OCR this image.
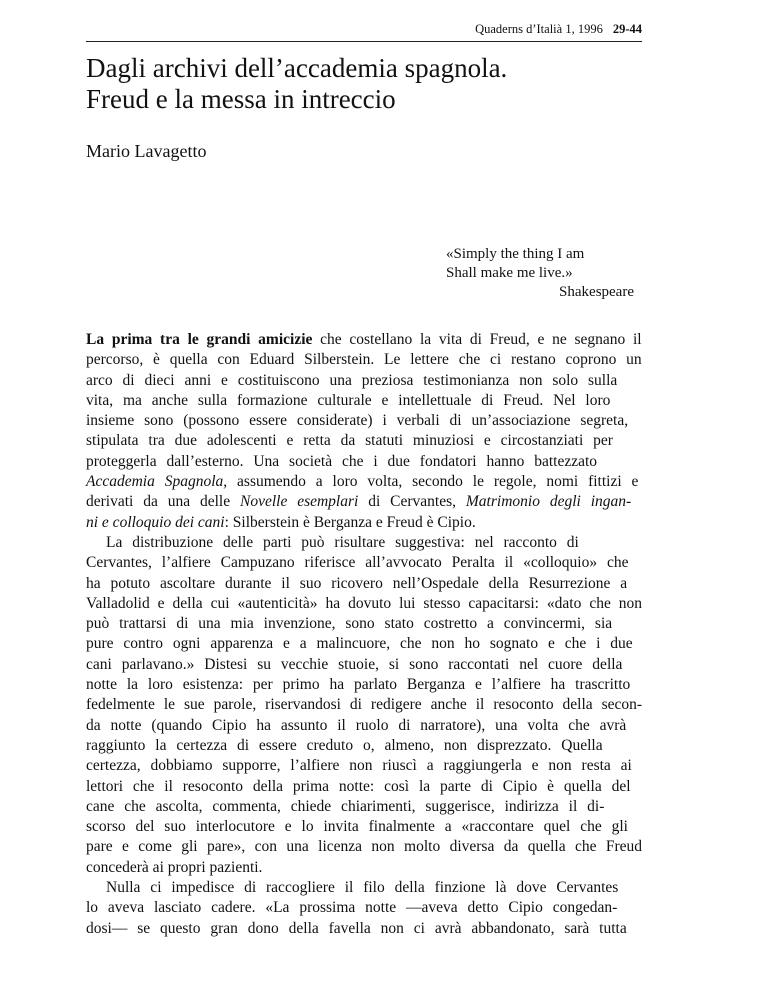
Quaderns d’Italià 1, 1996 29-44
Dagli archivi dell’accademia spagnola.
Freud e la messa in intreccio
Mario Lavagetto
«Simply the thing I am
Shall make me live.»
Shakespeare
La prima tra le grandi amicizie che costellano la vita di Freud, e ne segnano il
percorso, è quella con Eduard Silberstein. Le lettere che ci restano coprono un
arco di dieci anni e costituiscono una preziosa testimonianza non solo sulla
vita, ma anche sulla formazione culturale e intellettuale di Freud. Nel loro
insieme sono (possono essere considerate) i verbali di un’associazione segreta,
stipulata tra due adolescenti e retta da statuti minuziosi e circostanziati per
proteggerla dall’esterno. Una società che i due fondatori hanno battezzato
Accademia Spagnola, assumendo a loro volta, secondo le regole, nomi fittizi e
derivati da una delle Novelle esemplari di Cervantes, Matrimonio degli ingan-
ni e colloquio dei cani: Silberstein è Berganza e Freud è Cipio.
La distribuzione delle parti può risultare suggestiva: nel racconto di
Cervantes, l’alfiere Campuzano riferisce all’avvocato Peralta il «colloquio» che
ha potuto ascoltare durante il suo ricovero nell’Ospedale della Resurrezione a
Valladolid e della cui «autenticità» ha dovuto lui stesso capacitarsi: «dato che non
può trattarsi di una mia invenzione, sono stato costretto a convincermi, sia
pure contro ogni apparenza e a malincuore, che non ho sognato e che i due
cani parlavano.» Distesi su vecchie stuoie, si sono raccontati nel cuore della
notte la loro esistenza: per primo ha parlato Berganza e l’alfiere ha trascritto
fedelmente le sue parole, riservandosi di redigere anche il resoconto della secon-
da notte (quando Cipio ha assunto il ruolo di narratore), una volta che avrà
raggiunto la certezza di essere creduto o, almeno, non disprezzato. Quella
certezza, dobbiamo supporre, l’alfiere non riuscì a raggiungerla e non resta ai
lettori che il resoconto della prima notte: così la parte di Cipio è quella del
cane che ascolta, commenta, chiede chiarimenti, suggerisce, indirizza il di-
scorso del suo interlocutore e lo invita finalmente a «raccontare quel che gli
pare e come gli pare», con una licenza non molto diversa da quella che Freud
concederà ai propri pazienti.
Nulla ci impedisce di raccogliere il filo della finzione là dove Cervantes
lo aveva lasciato cadere. «La prossima notte —aveva detto Cipio congedan-
dosi— se questo gran dono della favella non ci avrà abbandonato, sarà tutta
